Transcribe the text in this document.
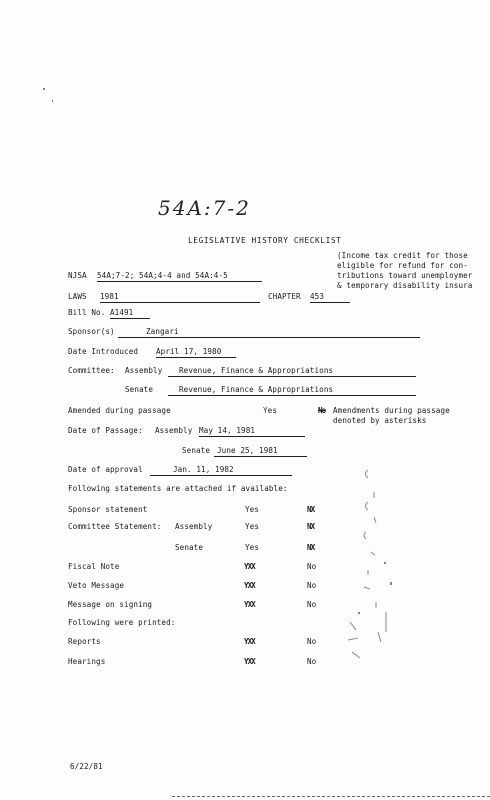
54A:7-2
LEGISLATIVE HISTORY CHECKLIST
(Income tax credit for those
eligible for refund for con-
tributions toward unemploymer
& temporary disability insura
NJSA 54A;7-2; 54A;4-4 and 54A:4-5
LAWS 1981	CHAPTER 453
Bill No. A1491
Sponsor(s)	Zangari
Date Introduced April 17, 1980
Committee: Assembly	Revenue, Finance & Appropriations
Senate	Revenue, Finance & Appropriations
Amended during passage	Yes	No Amendments during passage
denoted by asterisks
Date of Passage: Assembly May 14, 1981
Senate June 25, 1981
Date of approval	Jan. 11, 1982
Following statements are attached if available:
Sponsor statement	Yes	NX
Committee Statement: Assembly	Yes	NX
Senate	Yes	NX
Fiscal Note	YXX	No
Veto Message	YXX	No
Message on signing	YXX	No
Following were printed:
Reports	YXX	No
Hearings	YXX	No
6/22/81
